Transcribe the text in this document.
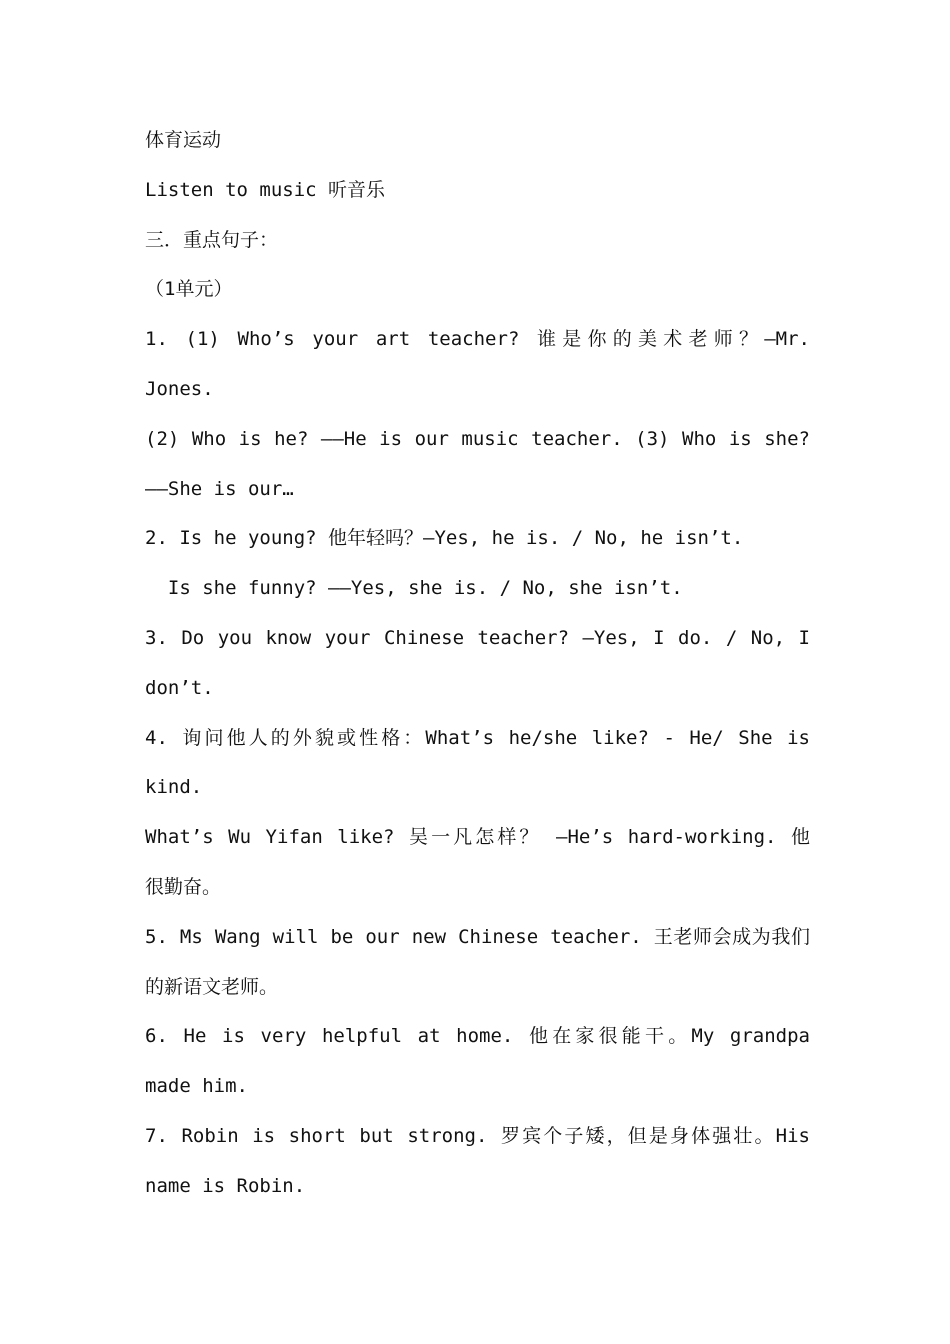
体育运动

Listen to music 听音乐

三．重点句子：

（1单元）

1. (1) Who’s your art teacher? 谁是你的美术老师？—Mr.

Jones.

(2) Who is he? ——He is our music teacher. (3) Who is she?

——She is our…

2. Is he young? 他年轻吗？—Yes, he is. / No, he isn’t.

Is she funny? ——Yes, she is. / No, she isn’t.

3. Do you know your Chinese teacher? —Yes, I do. / No, I

don’t.

4. 询问他人的外貌或性格：What’s he/she like? - He/ She is

kind.

What’s Wu Yifan like? 吴一凡怎样？ —He’s hard-working. 他

很勤奋。

5. Ms Wang will be our new Chinese teacher. 王老师会成为我们

的新语文老师。

6. He is very helpful at home. 他在家很能干。My grandpa

made him.

7. Robin is short but strong. 罗宾个子矮，但是身体强壮。His

name is Robin.
